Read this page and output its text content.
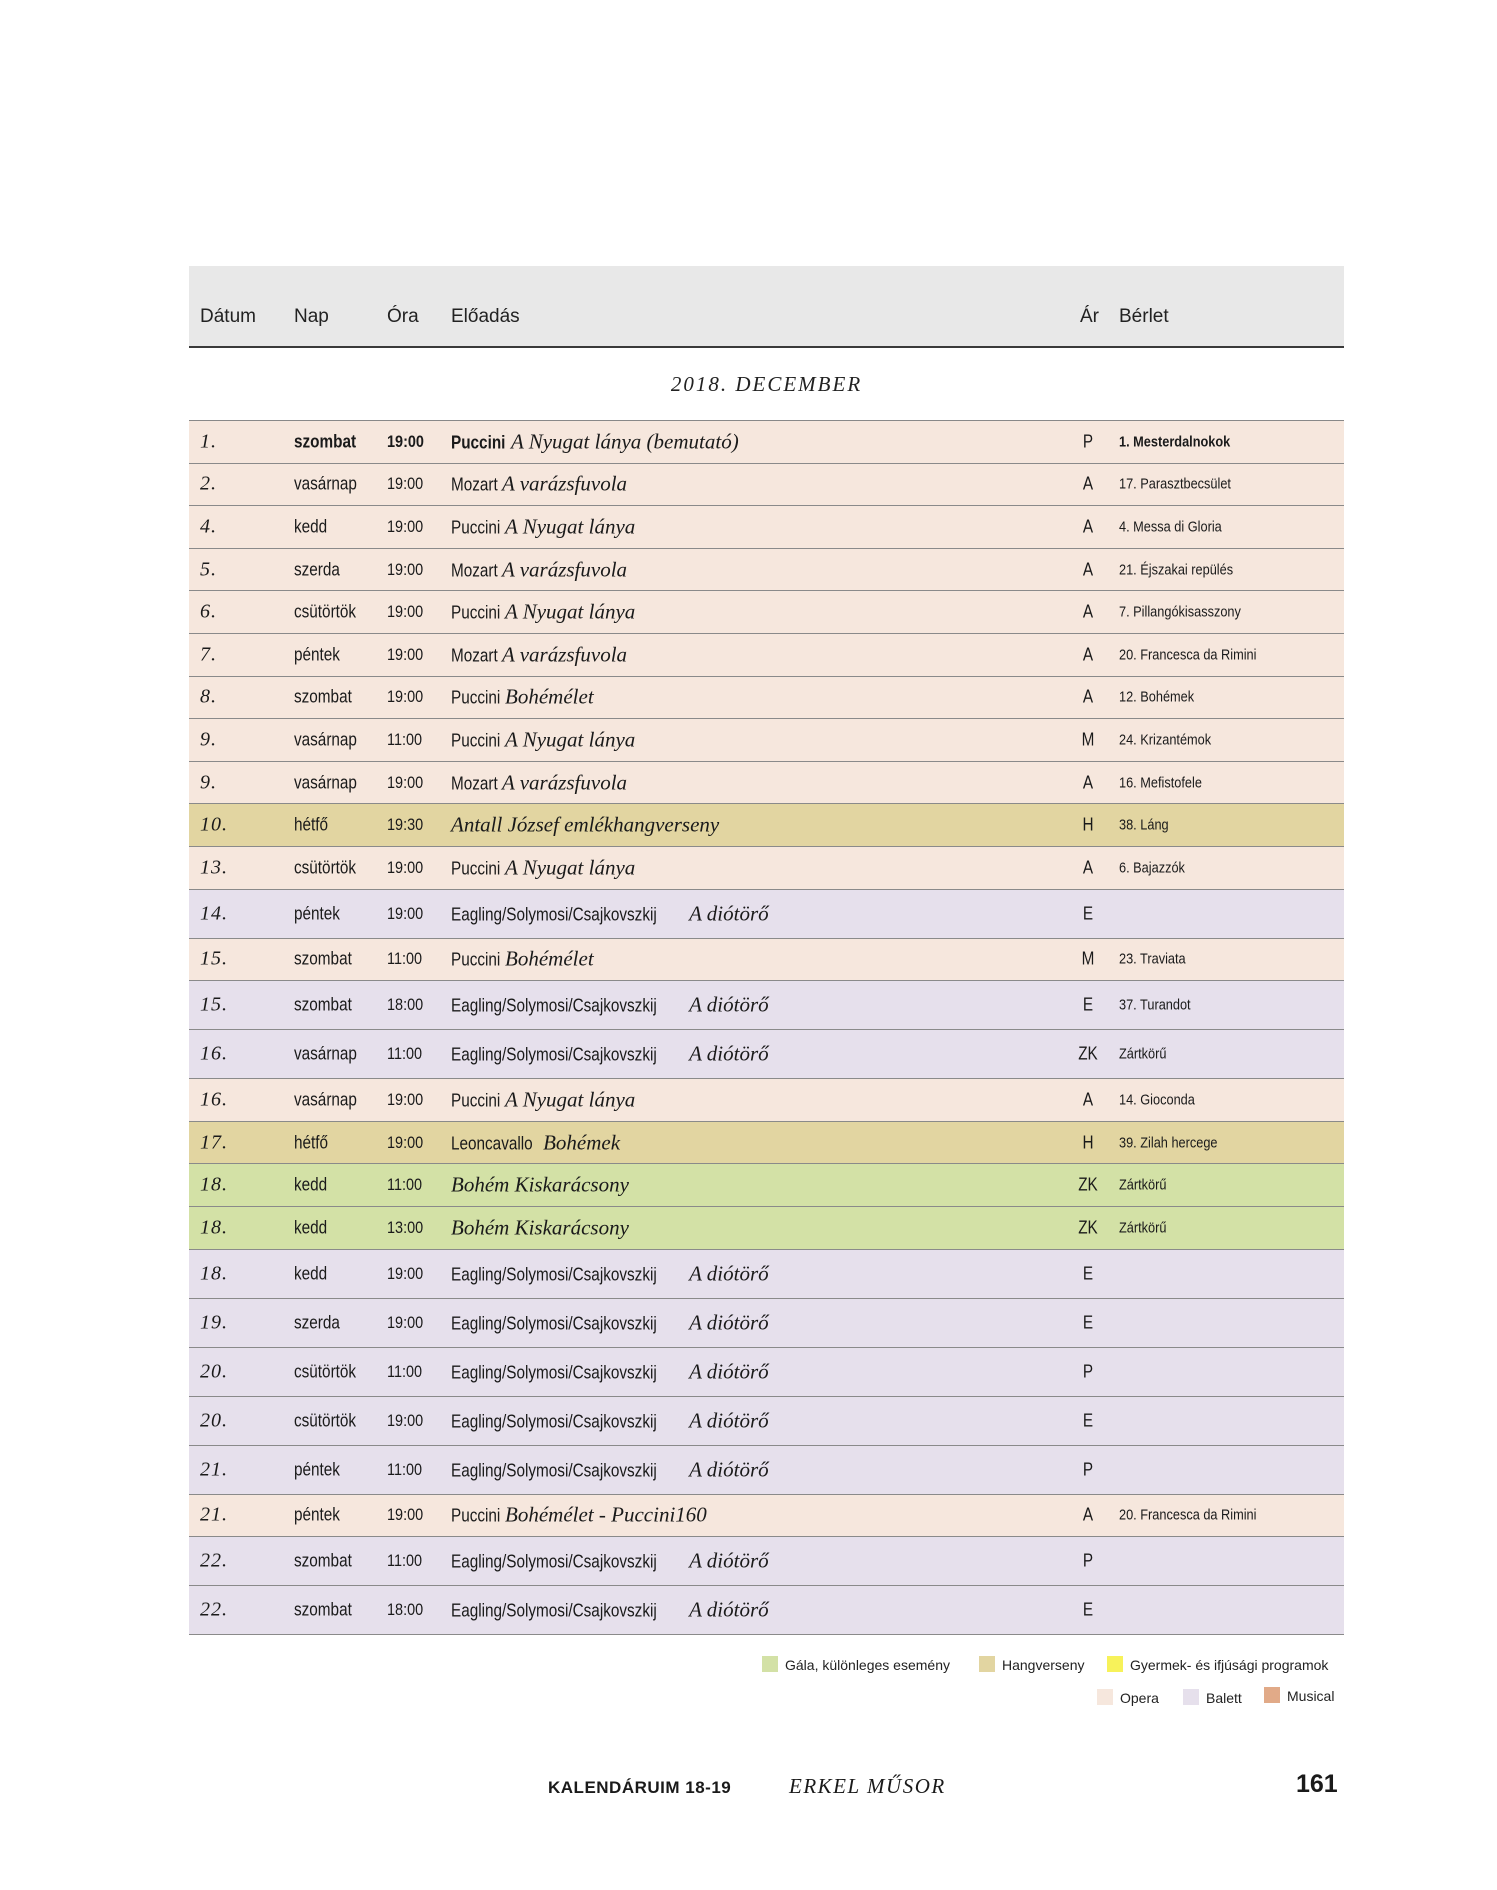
Dátum Nap	Óra Előadás	Ár Bérlet
2018. DECEMBER
1.	szombat 19:00 Puccini A Nyugat lánya (bemutató)	P	1. Mesterdalnokok
2.	vasárnap 19:00 Mozart A varázsfuvola	A	17. Parasztbecsület
4.	kedd	19:00 Puccini A Nyugat lánya	A	4. Messa di Gloria
5.	szerda	19:00 Mozart A varázsfuvola	A	21. Éjszakai repülés
6.	csütörtök 19:00 Puccini A Nyugat lánya	A	7. Pillangókisasszony
7.	péntek	19:00 Mozart A varázsfuvola	A	20. Francesca da Rimini
8.	szombat 19:00 Puccini Bohémélet	A	12. Bohémek
9.	vasárnap 11:00 Puccini A Nyugat lánya	M	24. Krizantémok
9.	vasárnap 19:00 Mozart A varázsfuvola	A	16. Mefistofele
10.	hétfő	19:30 Antall József emlékhangverseny	H	38. Láng
13.	csütörtök 19:00 Puccini A Nyugat lánya	A	6. Bajazzók
14.	péntek	19:00 Eagling/Solymosi/Csajkovszkij A diótörő	E
15.	szombat 11:00 Puccini Bohémélet	M	23. Traviata
15.	szombat 18:00 Eagling/Solymosi/Csajkovszkij A diótörő	E	37. Turandot
16.	vasárnap 11:00 Eagling/Solymosi/Csajkovszkij A diótörő	ZK Zártkörű
16.	vasárnap 19:00 Puccini A Nyugat lánya	A	14. Gioconda
17.	hétfő	19:00 Leoncavallo Bohémek	H	39. Zilah hercege
18.	kedd	11:00 Bohém Kiskarácsony	ZK Zártkörű
18.	kedd	13:00 Bohém Kiskarácsony	ZK Zártkörű
18.	kedd	19:00 Eagling/Solymosi/Csajkovszkij A diótörő	E
19.	szerda	19:00 Eagling/Solymosi/Csajkovszkij A diótörő	E
20.	csütörtök 11:00 Eagling/Solymosi/Csajkovszkij A diótörő	P
20.	csütörtök 19:00 Eagling/Solymosi/Csajkovszkij A diótörő	E
21.	péntek	11:00 Eagling/Solymosi/Csajkovszkij A diótörő	P
21.	péntek	19:00 Puccini Bohémélet - Puccini160	A	20. Francesca da Rimini
22.	szombat 11:00 Eagling/Solymosi/Csajkovszkij A diótörő	P
22.	szombat 18:00 Eagling/Solymosi/Csajkovszkij A diótörő	E
Gála, különleges esemény	Hangverseny	Gyermek- és ifjúsági programok
Opera	Balett	Musical
KALENDÁRUIM 18-19	ERKEL MŰSOR	161
